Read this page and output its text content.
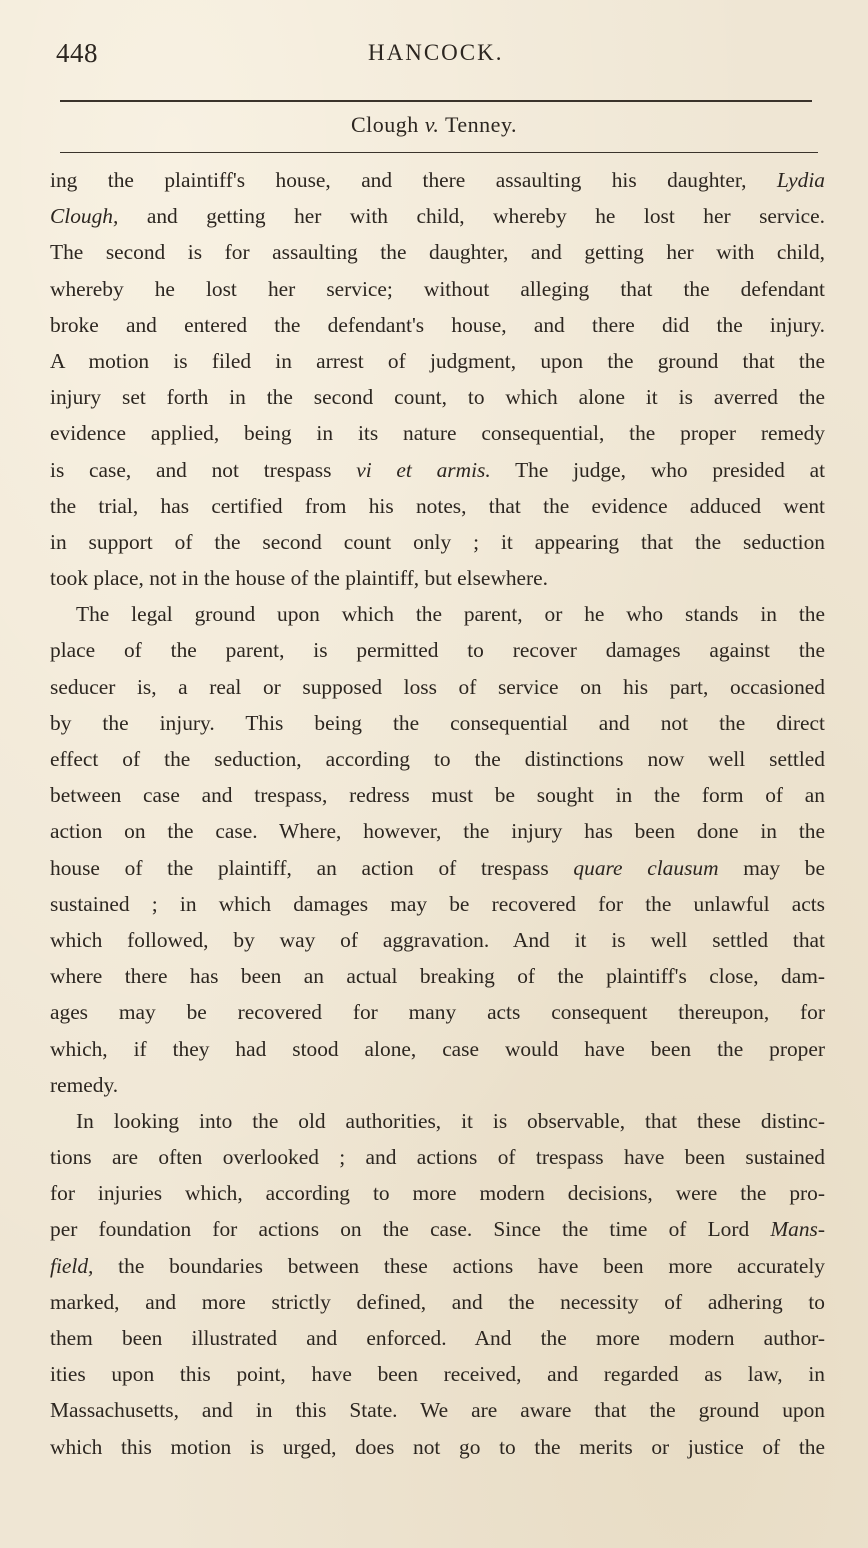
448	HANCOCK.
Clough v. Tenney.
ing the plaintiff's house, and there assaulting his daughter, Lydia
Clough, and getting her with child, whereby he lost her service.
The second is for assaulting the daughter, and getting her with child,
whereby he lost her service; without alleging that the defendant
broke and entered the defendant's house, and there did the injury.
A motion is filed in arrest of judgment, upon the ground that the
injury set forth in the second count, to which alone it is averred the
evidence applied, being in its nature consequential, the proper remedy
is case, and not trespass vi et armis. The judge, who presided at
the trial, has certified from his notes, that the evidence adduced went
in support of the second count only ; it appearing that the seduction
took place, not in the house of the plaintiff, but elsewhere.
The legal ground upon which the parent, or he who stands in the
place of the parent, is permitted to recover damages against the
seducer is, a real or supposed loss of service on his part, occasioned
by the injury. This being the consequential and not the direct
effect of the seduction, according to the distinctions now well settled
between case and trespass, redress must be sought in the form of an
action on the case. Where, however, the injury has been done in the
house of the plaintiff, an action of trespass quare clausum may be
sustained ; in which damages may be recovered for the unlawful acts
which followed, by way of aggravation. And it is well settled that
where there has been an actual breaking of the plaintiff's close, dam-
ages may be recovered for many acts consequent thereupon, for
which, if they had stood alone, case would have been the proper
remedy.
In looking into the old authorities, it is observable, that these distinc-
tions are often overlooked ; and actions of trespass have been sustained
for injuries which, according to more modern decisions, were the pro-
per foundation for actions on the case. Since the time of Lord Mans-
field, the boundaries between these actions have been more accurately
marked, and more strictly defined, and the necessity of adhering to
them been illustrated and enforced. And the more modern author-
ities upon this point, have been received, and regarded as law, in
Massachusetts, and in this State. We are aware that the ground upon
which this motion is urged, does not go to the merits or justice of the
